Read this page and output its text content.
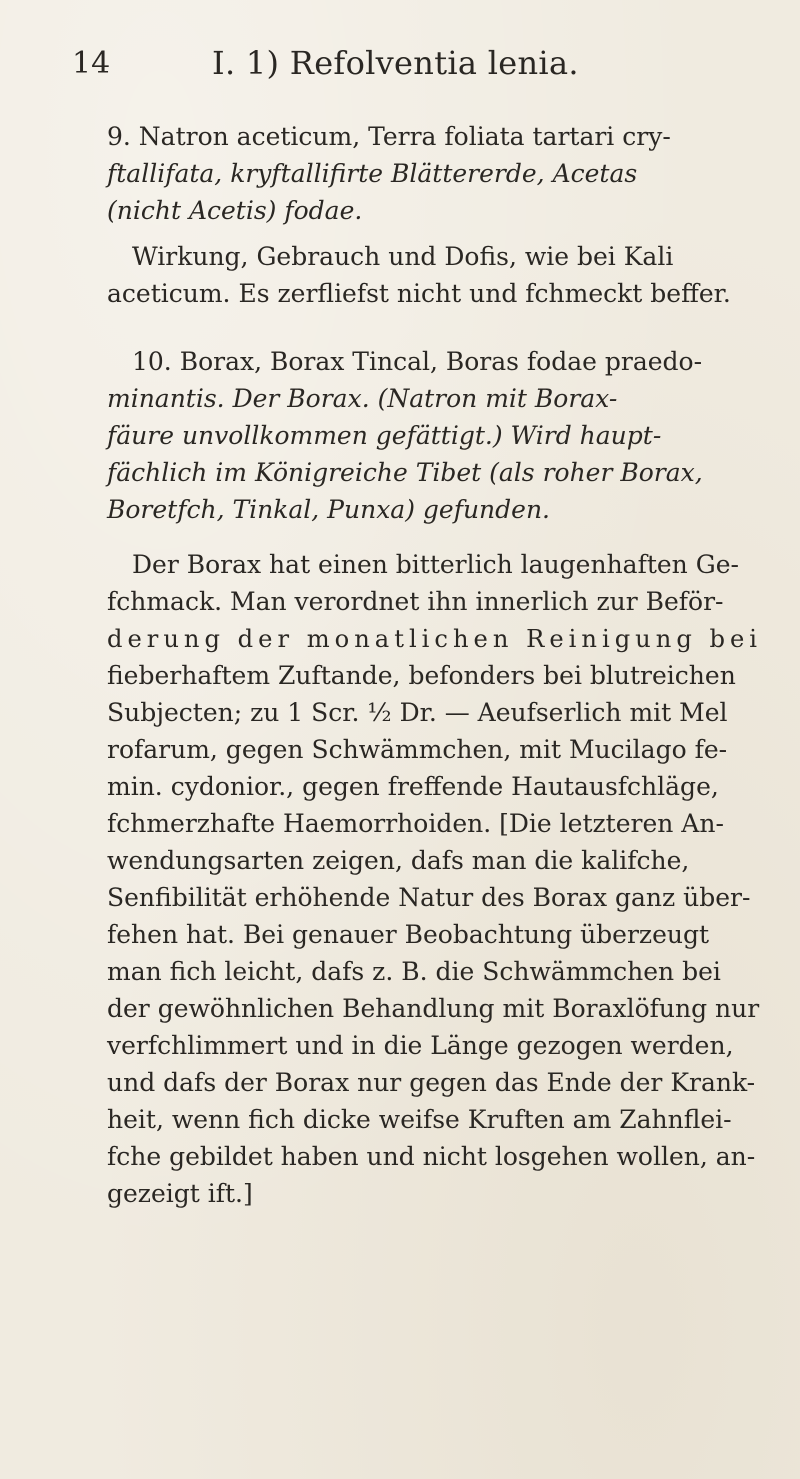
14	I. 1) Refolventia lenia.
9. Natron aceticum, Terra foliata tartari cry-
ftallifata, kryftallifirte Blättererde, Acetas
(nicht Acetis) fodae.
Wirkung, Gebrauch und Dofis, wie bei Kali
aceticum. Es zerfliefst nicht und fchmeckt beffer.
10. Borax, Borax Tincal, Boras fodae praedo-
minantis. Der Borax. (Natron mit Borax-
fäure unvollkommen gefättigt.) Wird haupt-
fächlich im Königreiche Tibet (als roher Borax,
Boretfch, Tinkal, Punxa) gefunden.
Der Borax hat einen bitterlich laugenhaften Ge-
fchmack. Man verordnet ihn innerlich zur Beför-
derung der monatlichen Reinigung bei
fieberhaftem Zuftande, befonders bei blutreichen
Subjecten; zu 1 Scr. ½ Dr. — Aeufserlich mit Mel
rofarum, gegen Schwämmchen, mit Mucilago fe-
min. cydonior., gegen freffende Hautausfchläge,
fchmerzhafte Haemorrhoiden. [Die letzteren An-
wendungsarten zeigen, dafs man die kalifche,
Senfibilität erhöhende Natur des Borax ganz über-
fehen hat. Bei genauer Beobachtung überzeugt
man fich leicht, dafs z. B. die Schwämmchen bei
der gewöhnlichen Behandlung mit Boraxlöfung nur
verfchlimmert und in die Länge gezogen werden,
und dafs der Borax nur gegen das Ende der Krank-
heit, wenn fich dicke weifse Kruften am Zahnflei-
fche gebildet haben und nicht losgehen wollen, an-
gezeigt ift.]
